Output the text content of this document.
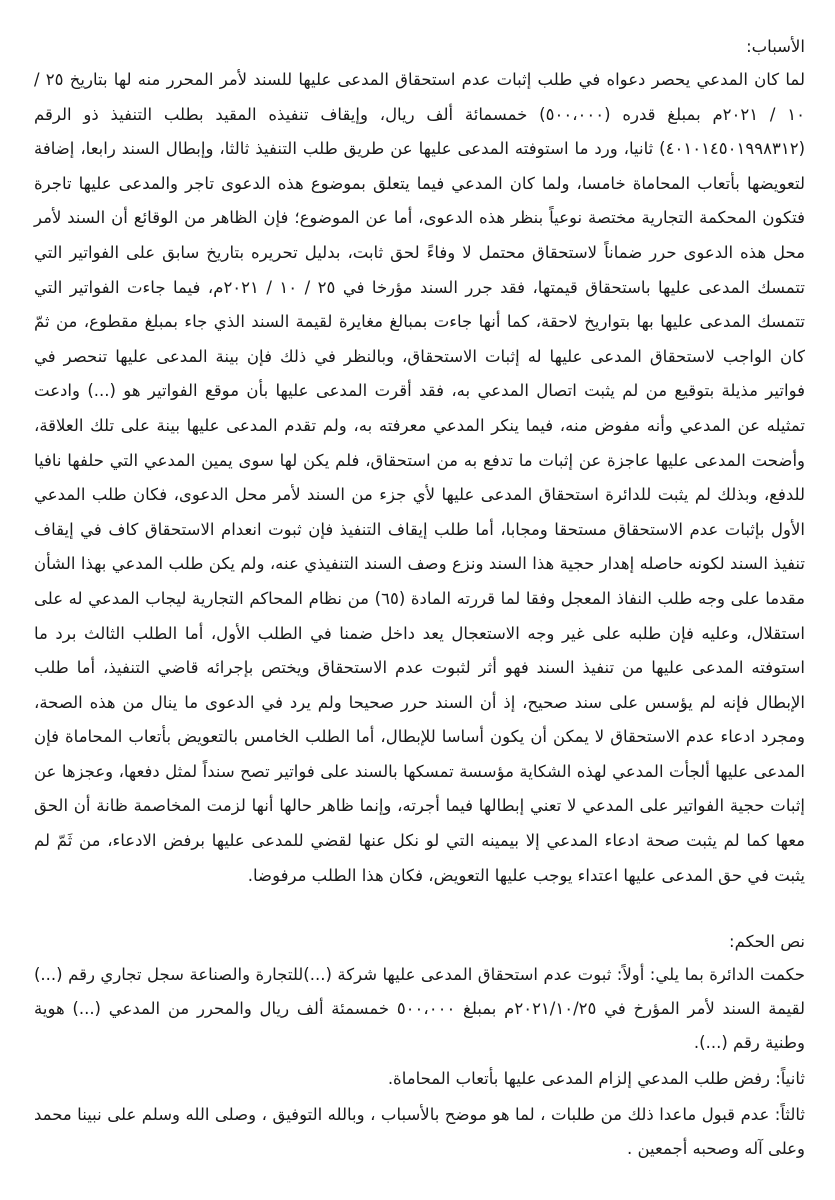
الأسباب:

لما كان المدعي يحصر دعواه في طلب إثبات عدم استحقاق المدعى عليها للسند لأمر المحرر منه لها بتاريخ ٢٥ / ١٠ / ٢٠٢١م بمبلغ قدره (٥٠٠،٠٠٠) خمسمائة ألف ريال، وإيقاف تنفيذه المقيد بطلب التنفيذ ذو الرقم (٤٠١٠١٤٥٠١٩٩٨٣١٢) ثانيا، ورد ما استوفته المدعى عليها عن طريق طلب التنفيذ ثالثا، وإبطال السند رابعا، إضافة لتعويضها بأتعاب المحاماة خامسا، ولما كان المدعي فيما يتعلق بموضوع هذه الدعوى تاجر والمدعى عليها تاجرة فتكون المحكمة التجارية مختصة نوعياً بنظر هذه الدعوى، أما عن الموضوع؛ فإن الظاهر من الوقائع أن السند لأمر محل هذه الدعوى حرر ضماناً لاستحقاق محتمل لا وفاءً لحق ثابت، بدليل تحريره بتاريخ سابق على الفواتير التي تتمسك المدعى عليها باستحقاق قيمتها، فقد جرر السند مؤرخا في ٢٥ / ١٠ / ٢٠٢١م، فيما جاءت الفواتير التي تتمسك المدعى عليها بها بتواريخ لاحقة، كما أنها جاءت بمبالغ مغايرة لقيمة السند الذي جاء بمبلغ مقطوع، من ثمّ كان الواجب لاستحقاق المدعى عليها له إثبات الاستحقاق، وبالنظر في ذلك فإن بينة المدعى عليها تنحصر في فواتير مذيلة بتوقيع من لم يثبت اتصال المدعي به، فقد أقرت المدعى عليها بأن موقع الفواتير هو (...) وادعت تمثيله عن المدعي وأنه مفوض منه، فيما ينكر المدعي معرفته به، ولم تقدم المدعى عليها بينة على تلك العلاقة، وأضحت المدعى عليها عاجزة عن إثبات ما تدفع به من استحقاق، فلم يكن لها سوى يمين المدعي التي حلفها نافيا للدفع، وبذلك لم يثبت للدائرة استحقاق المدعى عليها لأي جزء من السند لأمر محل الدعوى، فكان طلب المدعي الأول بإثبات عدم الاستحقاق مستحقا ومجابا، أما طلب إيقاف التنفيذ فإن ثبوت انعدام الاستحقاق كاف في إيقاف تنفيذ السند لكونه حاصله إهدار حجية هذا السند ونزع وصف السند التنفيذي عنه، ولم يكن طلب المدعي بهذا الشأن مقدما على وجه طلب النفاذ المعجل وفقا لما قررته المادة (٦٥) من نظام المحاكم التجارية ليجاب المدعي له على استقلال، وعليه فإن طلبه على غير وجه الاستعجال يعد داخل ضمنا في الطلب الأول، أما الطلب الثالث برد ما استوفته المدعى عليها من تنفيذ السند فهو أثر لثبوت عدم الاستحقاق ويختص بإجرائه قاضي التنفيذ، أما طلب الإبطال فإنه لم يؤسس على سند صحيح، إذ أن السند حرر صحيحا ولم يرد في الدعوى ما ينال من هذه الصحة، ومجرد ادعاء عدم الاستحقاق لا يمكن أن يكون أساسا للإبطال، أما الطلب الخامس بالتعويض بأتعاب المحاماة فإن المدعى عليها ألجأت المدعي لهذه الشكاية مؤسسة تمسكها بالسند على فواتير تصح سنداً لمثل دفعها، وعجزها عن إثبات حجية الفواتير على المدعي لا تعني إبطالها فيما أجرته، وإنما ظاهر حالها أنها لزمت المخاصمة ظانة أن الحق معها كما لم يثبت صحة ادعاء المدعي إلا بيمينه التي لو نكل عنها لقضي للمدعى عليها برفض الادعاء، من ثَمّ لم يثبت في حق المدعى عليها اعتداء يوجب عليها التعويض، فكان هذا الطلب مرفوضا.

نص الحكم:

حكمت الدائرة بما يلي: أولاً: ثبوت عدم استحقاق المدعى عليها شركة (...)للتجارة والصناعة سجل تجاري رقم (...) لقيمة السند لأمر المؤرخ في ٢٠٢١/١٠/٢٥م بمبلغ ٥٠٠،٠٠٠ خمسمئة ألف ريال والمحرر من المدعي (...) هوية وطنية رقم (...).

ثانياً: رفض طلب المدعي إلزام المدعى عليها بأتعاب المحاماة.

ثالثاً: عدم قبول ماعدا ذلك من طلبات ، لما هو موضح بالأسباب ، وبالله التوفيق ، وصلى الله وسلم على نبينا محمد وعلى آله وصحبه أجمعين .
